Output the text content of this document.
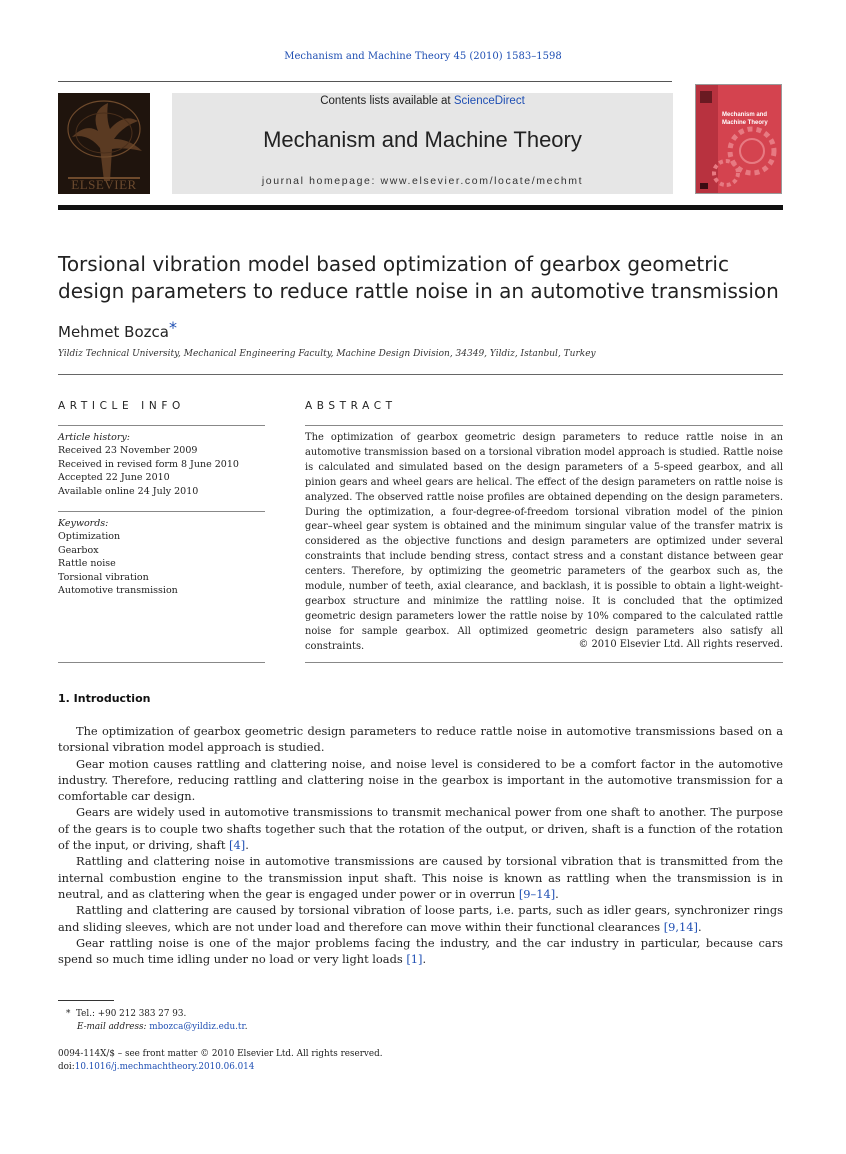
Mechanism and Machine Theory 45 (2010) 1583–1598
ELSEVIER
Contents lists available at ScienceDirect
Mechanism and Machine Theory
journal homepage: www.elsevier.com/locate/mechmt
Mechanism and Machine Theory
Torsional vibration model based optimization of gearbox geometric design parameters to reduce rattle noise in an automotive transmission
Mehmet Bozca*
Yildiz Technical University, Mechanical Engineering Faculty, Machine Design Division, 34349, Yildiz, Istanbul, Turkey
ARTICLE INFO
Article history:
Received 23 November 2009
Received in revised form 8 June 2010
Accepted 22 June 2010
Available online 24 July 2010
Keywords:
Optimization
Gearbox
Rattle noise
Torsional vibration
Automotive transmission
ABSTRACT
The optimization of gearbox geometric design parameters to reduce rattle noise in an automotive transmission based on a torsional vibration model approach is studied. Rattle noise is calculated and simulated based on the design parameters of a 5-speed gearbox, and all pinion gears and wheel gears are helical. The effect of the design parameters on rattle noise is analyzed. The observed rattle noise profiles are obtained depending on the design parameters. During the optimization, a four-degree-of-freedom torsional vibration model of the pinion gear–wheel gear system is obtained and the minimum singular value of the transfer matrix is considered as the objective functions and design parameters are optimized under several constraints that include bending stress, contact stress and a constant distance between gear centers. Therefore, by optimizing the geometric parameters of the gearbox such as, the module, number of teeth, axial clearance, and backlash, it is possible to obtain a light-weight-gearbox structure and minimize the rattling noise. It is concluded that the optimized geometric design parameters lower the rattle noise by 10% compared to the calculated rattle noise for sample gearbox. All optimized geometric design parameters also satisfy all constraints.	© 2010 Elsevier Ltd. All rights reserved.
1. Introduction

The optimization of gearbox geometric design parameters to reduce rattle noise in automotive transmissions based on a torsional vibration model approach is studied.

Gear motion causes rattling and clattering noise, and noise level is considered to be a comfort factor in the automotive industry. Therefore, reducing rattling and clattering noise in the gearbox is important in the automotive transmission for a comfortable car design.

Gears are widely used in automotive transmissions to transmit mechanical power from one shaft to another. The purpose of the gears is to couple two shafts together such that the rotation of the output, or driven, shaft is a function of the rotation of the input, or driving, shaft [4].

Rattling and clattering noise in automotive transmissions are caused by torsional vibration that is transmitted from the internal combustion engine to the transmission input shaft. This noise is known as rattling when the transmission is in neutral, and as clattering when the gear is engaged under power or in overrun [9–14].

Rattling and clattering are caused by torsional vibration of loose parts, i.e. parts, such as idler gears, synchronizer rings and sliding sleeves, which are not under load and therefore can move within their functional clearances [9,14].

Gear rattling noise is one of the major problems facing the industry, and the car industry in particular, because cars spend so much time idling under no load or very light loads [1].

* Tel.: +90 212 383 27 93.
E-mail address: mbozca@yildiz.edu.tr.
0094-114X/$ – see front matter © 2010 Elsevier Ltd. All rights reserved.
doi:10.1016/j.mechmachtheory.2010.06.014
